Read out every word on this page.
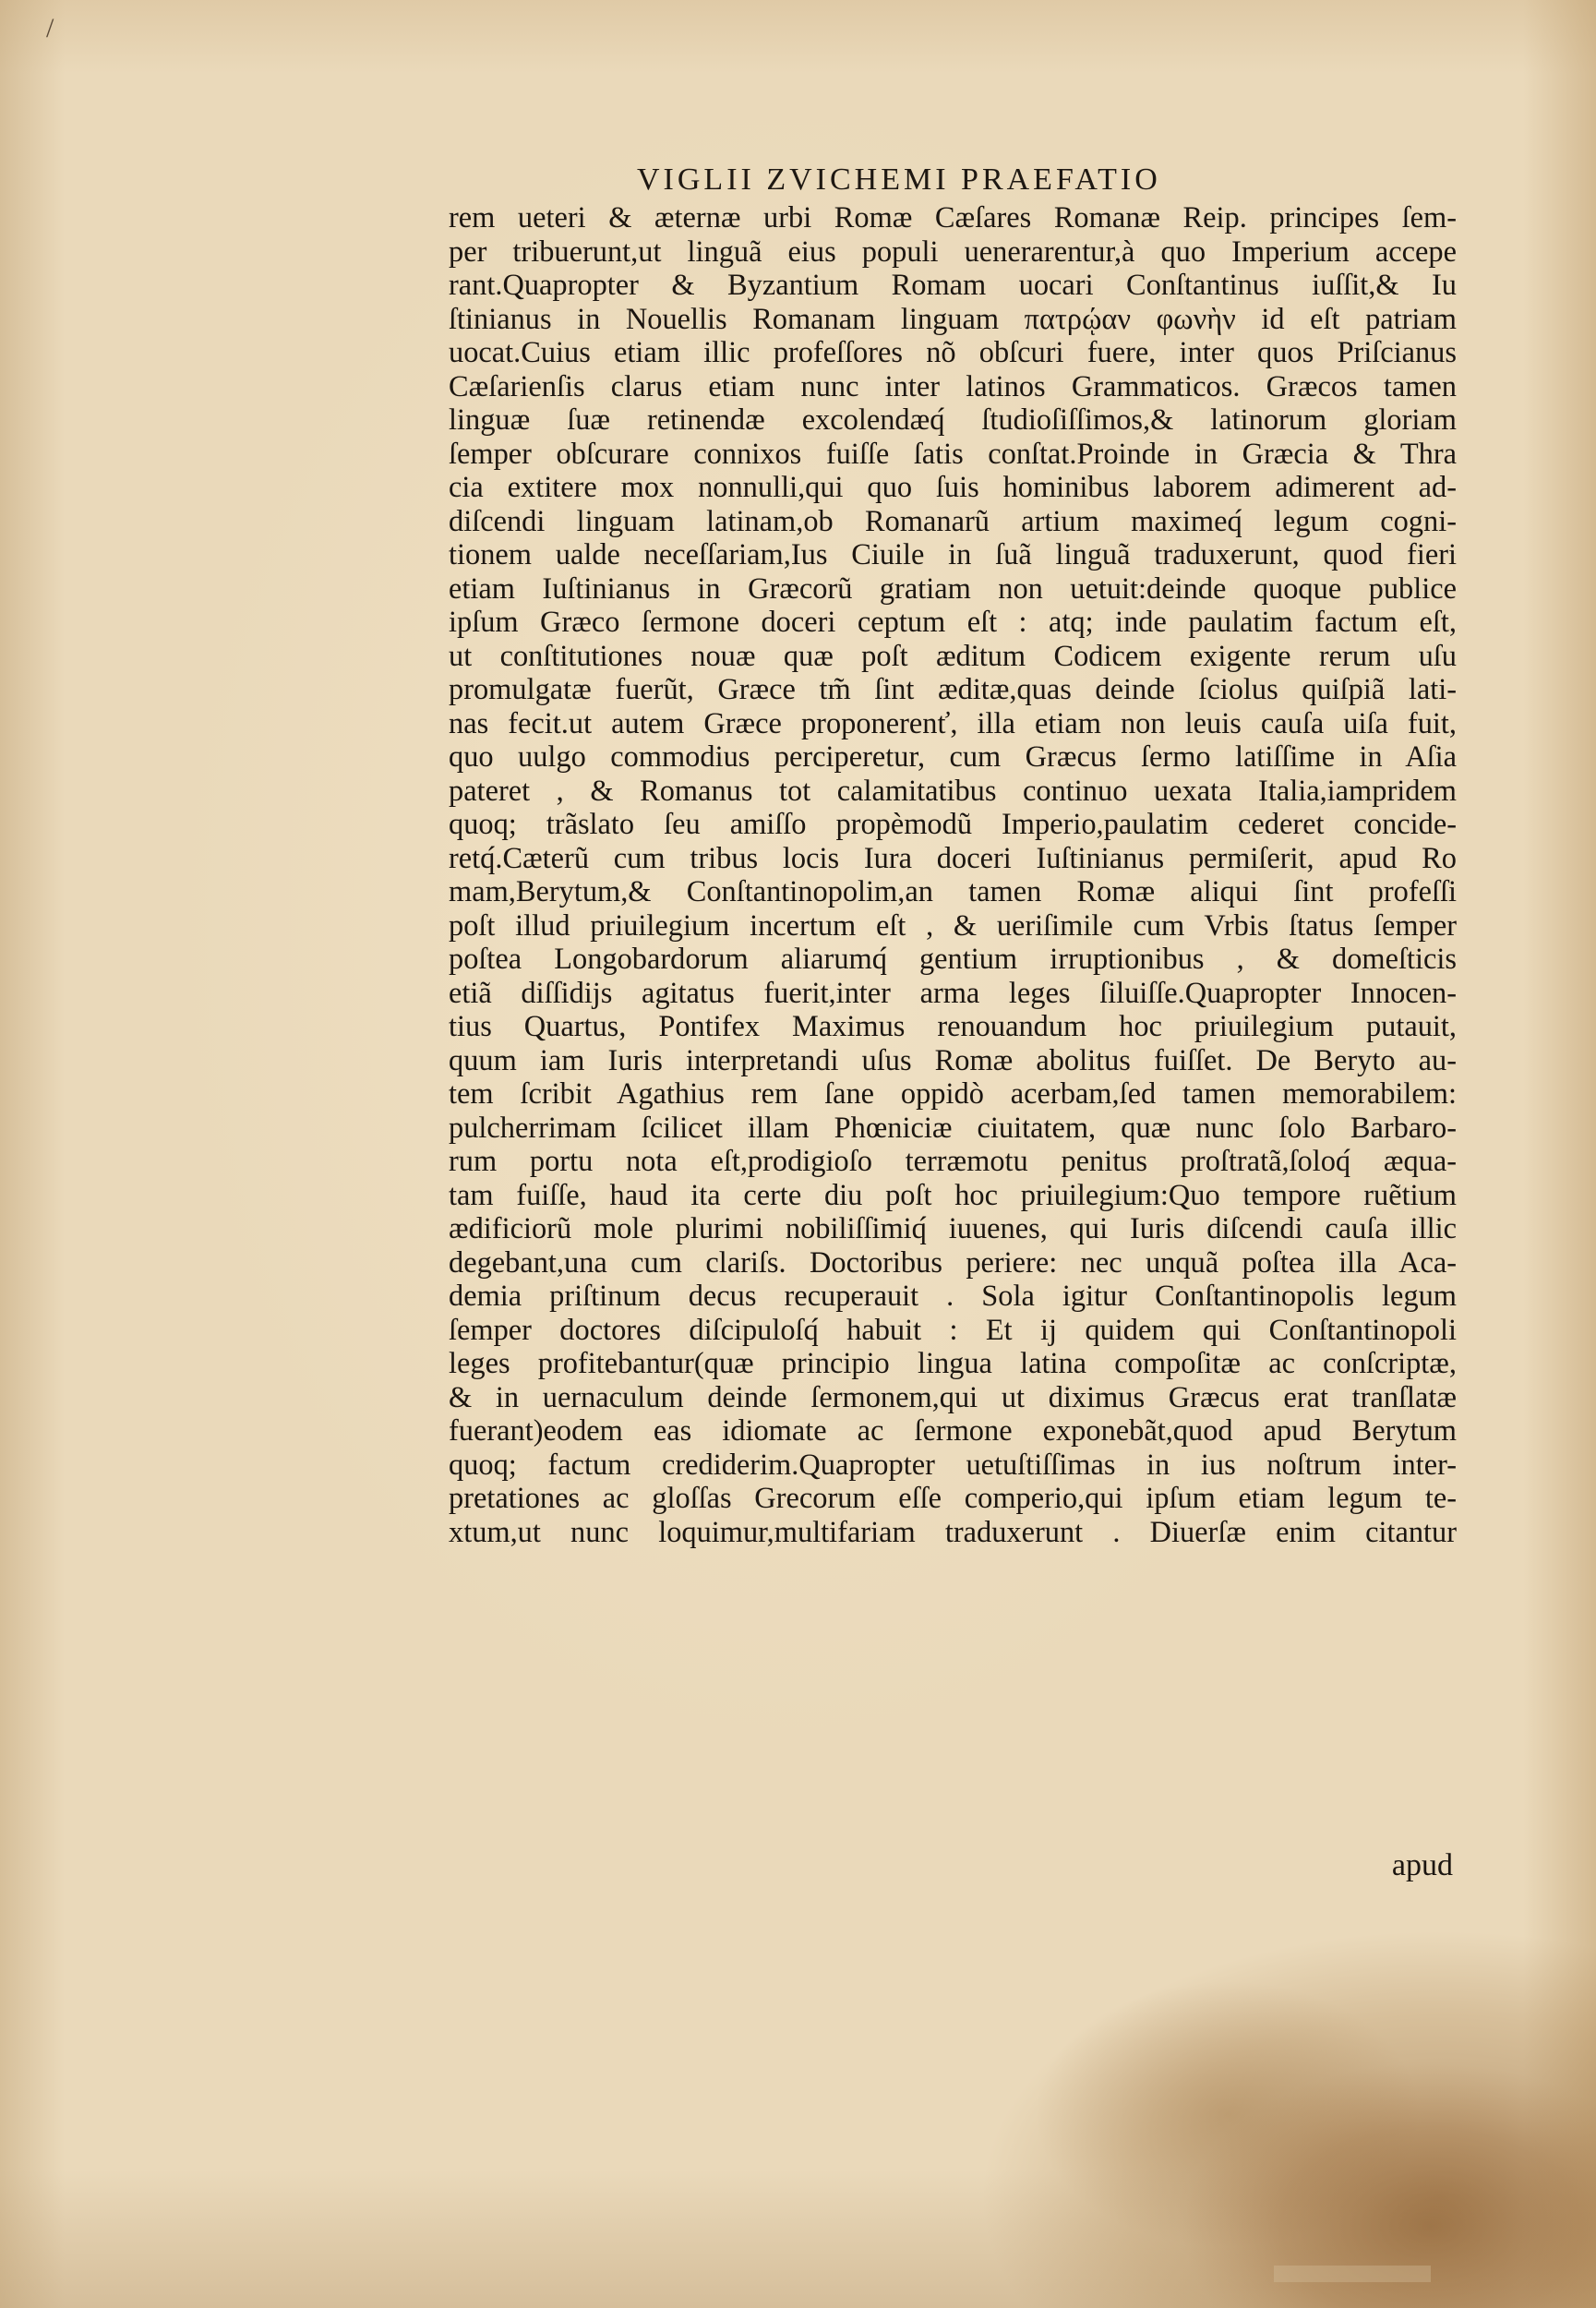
/
VIGLII ZVICHEMI PRAEFATIO
rem ueteri & æternæ urbi Romæ Cæſares Romanæ Reip. principes ſem-
per tribuerunt,ut linguã eius populi uenerarentur,à quo Imperium accepe
rant.Quapropter & Byzantium Romam uocari Conſtantinus iuſſit,& Iu
ſtinianus in Nouellis Romanam linguam πατρῴαν φωνὴν id eſt patriam
uocat.Cuius etiam illic profeſſores nõ obſcuri fuere, inter quos Priſcianus
Cæſarienſis clarus etiam nunc inter latinos Grammaticos. Græcos tamen
linguæ ſuæ retinendæ excolendæq́ ſtudioſiſſimos,& latinorum gloriam
ſemper obſcurare connixos fuiſſe ſatis conſtat.Proinde in Græcia & Thra
cia extitere mox nonnulli,qui quo ſuis hominibus laborem adimerent ad-
diſcendi linguam latinam,ob Romanarũ artium maximeq́ legum cogni-
tionem ualde neceſſariam,Ius Ciuile in ſuã linguã traduxerunt, quod fieri
etiam Iuſtinianus in Græcorũ gratiam non uetuit:deinde quoque publice
ipſum Græco ſermone doceri ceptum eſt : atq; inde paulatim factum eſt,
ut conſtitutiones nouæ quæ poſt æditum Codicem exigente rerum uſu
promulgatæ fuerũt, Græce tm̃ ſint æditæ,quas deinde ſciolus quiſpiã lati-
nas fecit.ut autem Græce proponerenť, illa etiam non leuis cauſa uiſa fuit,
quo uulgo commodius perciperetur, cum Græcus ſermo latiſſime in Aſia
pateret , & Romanus tot calamitatibus continuo uexata Italia,iampridem
quoq; trãslato ſeu amiſſo propèmodũ Imperio,paulatim cederet concide-
retq́.Cæterũ cum tribus locis Iura doceri Iuſtinianus permiſerit, apud Ro
mam,Berytum,& Conſtantinopolim,an tamen Romæ aliqui ſint profeſſi
poſt illud priuilegium incertum eſt , & ueriſimile cum Vrbis ſtatus ſemper
poſtea Longobardorum aliarumq́ gentium irruptionibus , & domeſticis
etiã diſſidijs agitatus fuerit,inter arma leges ſiluiſſe.Quapropter Innocen-
tius Quartus, Pontifex Maximus renouandum hoc priuilegium putauit,
quum iam Iuris interpretandi uſus Romæ abolitus fuiſſet. De Beryto au-
tem ſcribit Agathius rem ſane oppidò acerbam,ſed tamen memorabilem:
pulcherrimam ſcilicet illam Phœniciæ ciuitatem, quæ nunc ſolo Barbaro-
rum portu nota eſt,prodigioſo terræmotu penitus proſtratã,ſoloq́ æqua-
tam fuiſſe, haud ita certe diu poſt hoc priuilegium:Quo tempore ruẽtium
ædificiorũ mole plurimi nobiliſſimiq́ iuuenes, qui Iuris diſcendi cauſa illic
degebant,una cum clariſs. Doctoribus periere: nec unquã poſtea illa Aca-
demia priſtinum decus recuperauit . Sola igitur Conſtantinopolis legum
ſemper doctores diſcipuloſq́ habuit : Et ij quidem qui Conſtantinopoli
leges profitebantur(quæ principio lingua latina compoſitæ ac conſcriptæ,
& in uernaculum deinde ſermonem,qui ut diximus Græcus erat tranſlatæ
fuerant)eodem eas idiomate ac ſermone exponebãt,quod apud Berytum
quoq; factum crediderim.Quapropter uetuſtiſſimas in ius noſtrum inter-
pretationes ac gloſſas Grecorum eſſe comperio,qui ipſum etiam legum te-
xtum,ut nunc loquimur,multifariam traduxerunt . Diuerſæ enim citantur
apud
